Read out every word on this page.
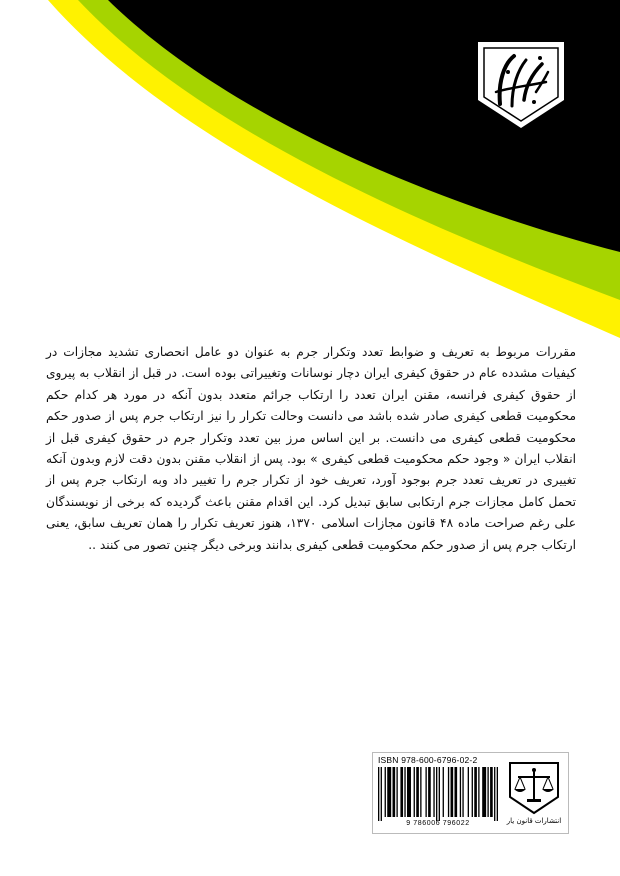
مقررات مربوط به تعریف و ضوابط تعدد وتکرار جرم به عنوان دو عامل انحصاری تشدید مجازات در کیفیات مشدده عام در حقوق کیفری ایران دچار نوسانات وتغییراتی بوده است. در قبل از انقلاب به پیروی از حقوق کیفری فرانسه، مقنن ایران تعدد را ارتکاب جرائم متعدد بدون آنکه در مورد هر کدام حکم محکومیت قطعی کیفری صادر شده باشد می دانست وحالت تکرار را نیز ارتکاب جرم پس از صدور حکم محکومیت قطعی کیفری می دانست. بر این اساس مرز بین تعدد وتکرار جرم در حقوق کیفری قبل از انقلاب ایران « وجود حکم محکومیت قطعی کیفری » بود. پس از انقلاب مقنن بدون دقت لازم وبدون آنکه تغییری در تعریف تعدد جرم بوجود آورد، تعریف خود از تکرار جرم را تغییر داد وبه ارتکاب جرم پس از تحمل کامل مجازات جرم ارتکابی سابق تبدیل کرد. این اقدام مقنن باعث گردیده که برخی از نویسندگان علی رغم صراحت ماده ۴۸ قانون مجازات اسلامی ۱۳۷۰، هنوز تعریف تکرار را همان تعریف سابق، یعنی ارتکاب جرم پس از صدور حکم محکومیت قطعی کیفری بدانند وبرخی دیگر چنین تصور می کنند ..
ISBN 978-600-6796-02-2
9 786006 796022	انتشارات قانون یار
